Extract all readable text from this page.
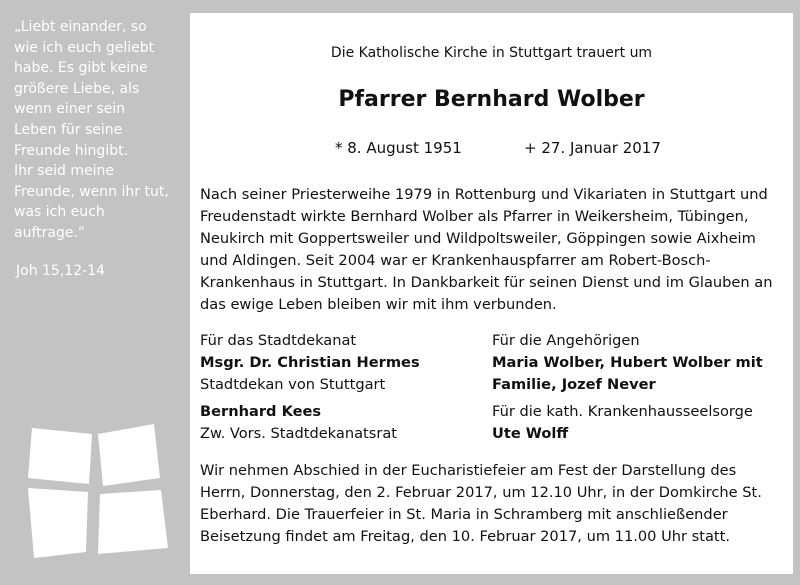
„Liebt einander, so
wie ich euch geliebt
habe. Es gibt keine
größere Liebe, als
wenn einer sein
Leben für seine
Freunde hingibt.
Ihr seid meine
Freunde, wenn ihr tut,
was ich euch
auftrage.“

Joh 15,12-14

Die Katholische Kirche in Stuttgart trauert um

Pfarrer Bernhard Wolber

* 8. August 1951	+ 27. Januar 2017

Nach seiner Priesterweihe 1979 in Rottenburg und Vikariaten in Stuttgart und Freudenstadt wirkte Bernhard Wolber als Pfarrer in Weikersheim, Tübingen, Neukirch mit Goppertsweiler und Wildpoltsweiler, Göppingen sowie Aixheim und Aldingen. Seit 2004 war er Krankenhauspfarrer am Robert-Bosch-Krankenhaus in Stuttgart. In Dankbarkeit für seinen Dienst und im Glauben an das ewige Leben bleiben wir mit ihm verbunden.

Für das Stadtdekanat
Msgr. Dr. Christian Hermes
Stadtdekan von Stuttgart
Bernhard Kees
Zw. Vors. Stadtdekanatsrat
Für die Angehörigen
Maria Wolber, Hubert Wolber mit Familie, Jozef Never
Für die kath. Krankenhausseelsorge
Ute Wolff

Wir nehmen Abschied in der Eucharistiefeier am Fest der Darstellung des Herrn, Donnerstag, den 2. Februar 2017, um 12.10 Uhr, in der Domkirche St. Eberhard. Die Trauerfeier in St. Maria in Schramberg mit anschließender Beisetzung findet am Freitag, den 10. Februar 2017, um 11.00 Uhr statt.
